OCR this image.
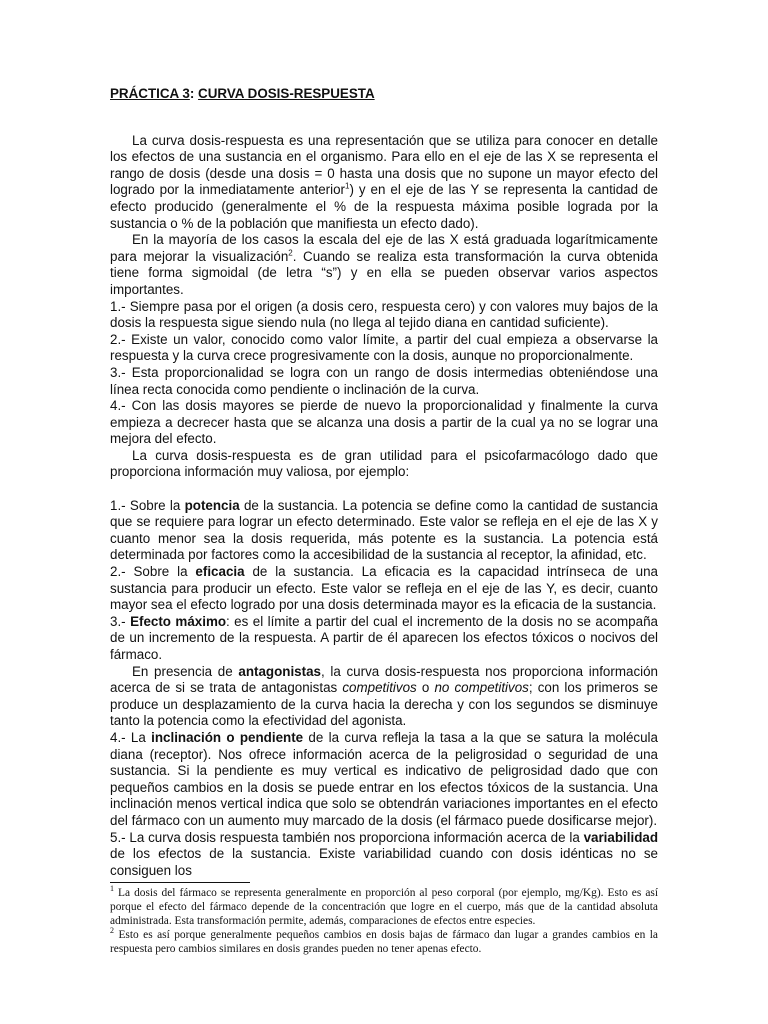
PRÁCTICA 3: CURVA DOSIS-RESPUESTA

La curva dosis-respuesta es una representación que se utiliza para conocer en detalle los efectos de una sustancia en el organismo. Para ello en el eje de las X se representa el rango de dosis (desde una dosis = 0 hasta una dosis que no supone un mayor efecto del logrado por la inmediatamente anterior$^1$) y en el eje de las Y se representa la cantidad de efecto producido (generalmente el % de la respuesta máxima posible lograda por la sustancia o % de la población que manifiesta un efecto dado).

En la mayoría de los casos la escala del eje de las X está graduada logarítmicamente para mejorar la visualización$^2$. Cuando se realiza esta transformación la curva obtenida tiene forma sigmoidal (de letra “s”) y en ella se pueden observar varios aspectos importantes.

1.- Siempre pasa por el origen (a dosis cero, respuesta cero) y con valores muy bajos de la dosis la respuesta sigue siendo nula (no llega al tejido diana en cantidad suficiente).

2.- Existe un valor, conocido como valor límite, a partir del cual empieza a observarse la respuesta y la curva crece progresivamente con la dosis, aunque no proporcionalmente.

3.- Esta proporcionalidad se logra con un rango de dosis intermedias obteniéndose una línea recta conocida como pendiente o inclinación de la curva.

4.- Con las dosis mayores se pierde de nuevo la proporcionalidad y finalmente la curva empieza a decrecer hasta que se alcanza una dosis a partir de la cual ya no se lograr una mejora del efecto.

La curva dosis-respuesta es de gran utilidad para el psicofarmacólogo dado que proporciona información muy valiosa, por ejemplo:

1.- Sobre la potencia de la sustancia. La potencia se define como la cantidad de sustancia que se requiere para lograr un efecto determinado. Este valor se refleja en el eje de las X y cuanto menor sea la dosis requerida, más potente es la sustancia. La potencia está determinada por factores como la accesibilidad de la sustancia al receptor, la afinidad, etc.

2.- Sobre la eficacia de la sustancia. La eficacia es la capacidad intrínseca de una sustancia para producir un efecto. Este valor se refleja en el eje de las Y, es decir, cuanto mayor sea el efecto logrado por una dosis determinada mayor es la eficacia de la sustancia.

3.- Efecto máximo: es el límite a partir del cual el incremento de la dosis no se acompaña de un incremento de la respuesta. A partir de él aparecen los efectos tóxicos o nocivos del fármaco.

En presencia de antagonistas, la curva dosis-respuesta nos proporciona información acerca de si se trata de antagonistas competitivos o no competitivos; con los primeros se produce un desplazamiento de la curva hacia la derecha y con los segundos se disminuye tanto la potencia como la efectividad del agonista.

4.- La inclinación o pendiente de la curva refleja la tasa a la que se satura la molécula diana (receptor). Nos ofrece información acerca de la peligrosidad o seguridad de una sustancia. Si la pendiente es muy vertical es indicativo de peligrosidad dado que con pequeños cambios en la dosis se puede entrar en los efectos tóxicos de la sustancia. Una inclinación menos vertical indica que solo se obtendrán variaciones importantes en el efecto del fármaco con un aumento muy marcado de la dosis (el fármaco puede dosificarse mejor).

5.- La curva dosis respuesta también nos proporciona información acerca de la variabilidad de los efectos de la sustancia. Existe variabilidad cuando con dosis idénticas no se consiguen los

$^1$ La dosis del fármaco se representa generalmente en proporción al peso corporal (por ejemplo, mg/Kg). Esto es así porque el efecto del fármaco depende de la concentración que logre en el cuerpo, más que de la cantidad absoluta administrada. Esta transformación permite, además, comparaciones de efectos entre especies.

$^2$ Esto es así porque generalmente pequeños cambios en dosis bajas de fármaco dan lugar a grandes cambios en la respuesta pero cambios similares en dosis grandes pueden no tener apenas efecto.
